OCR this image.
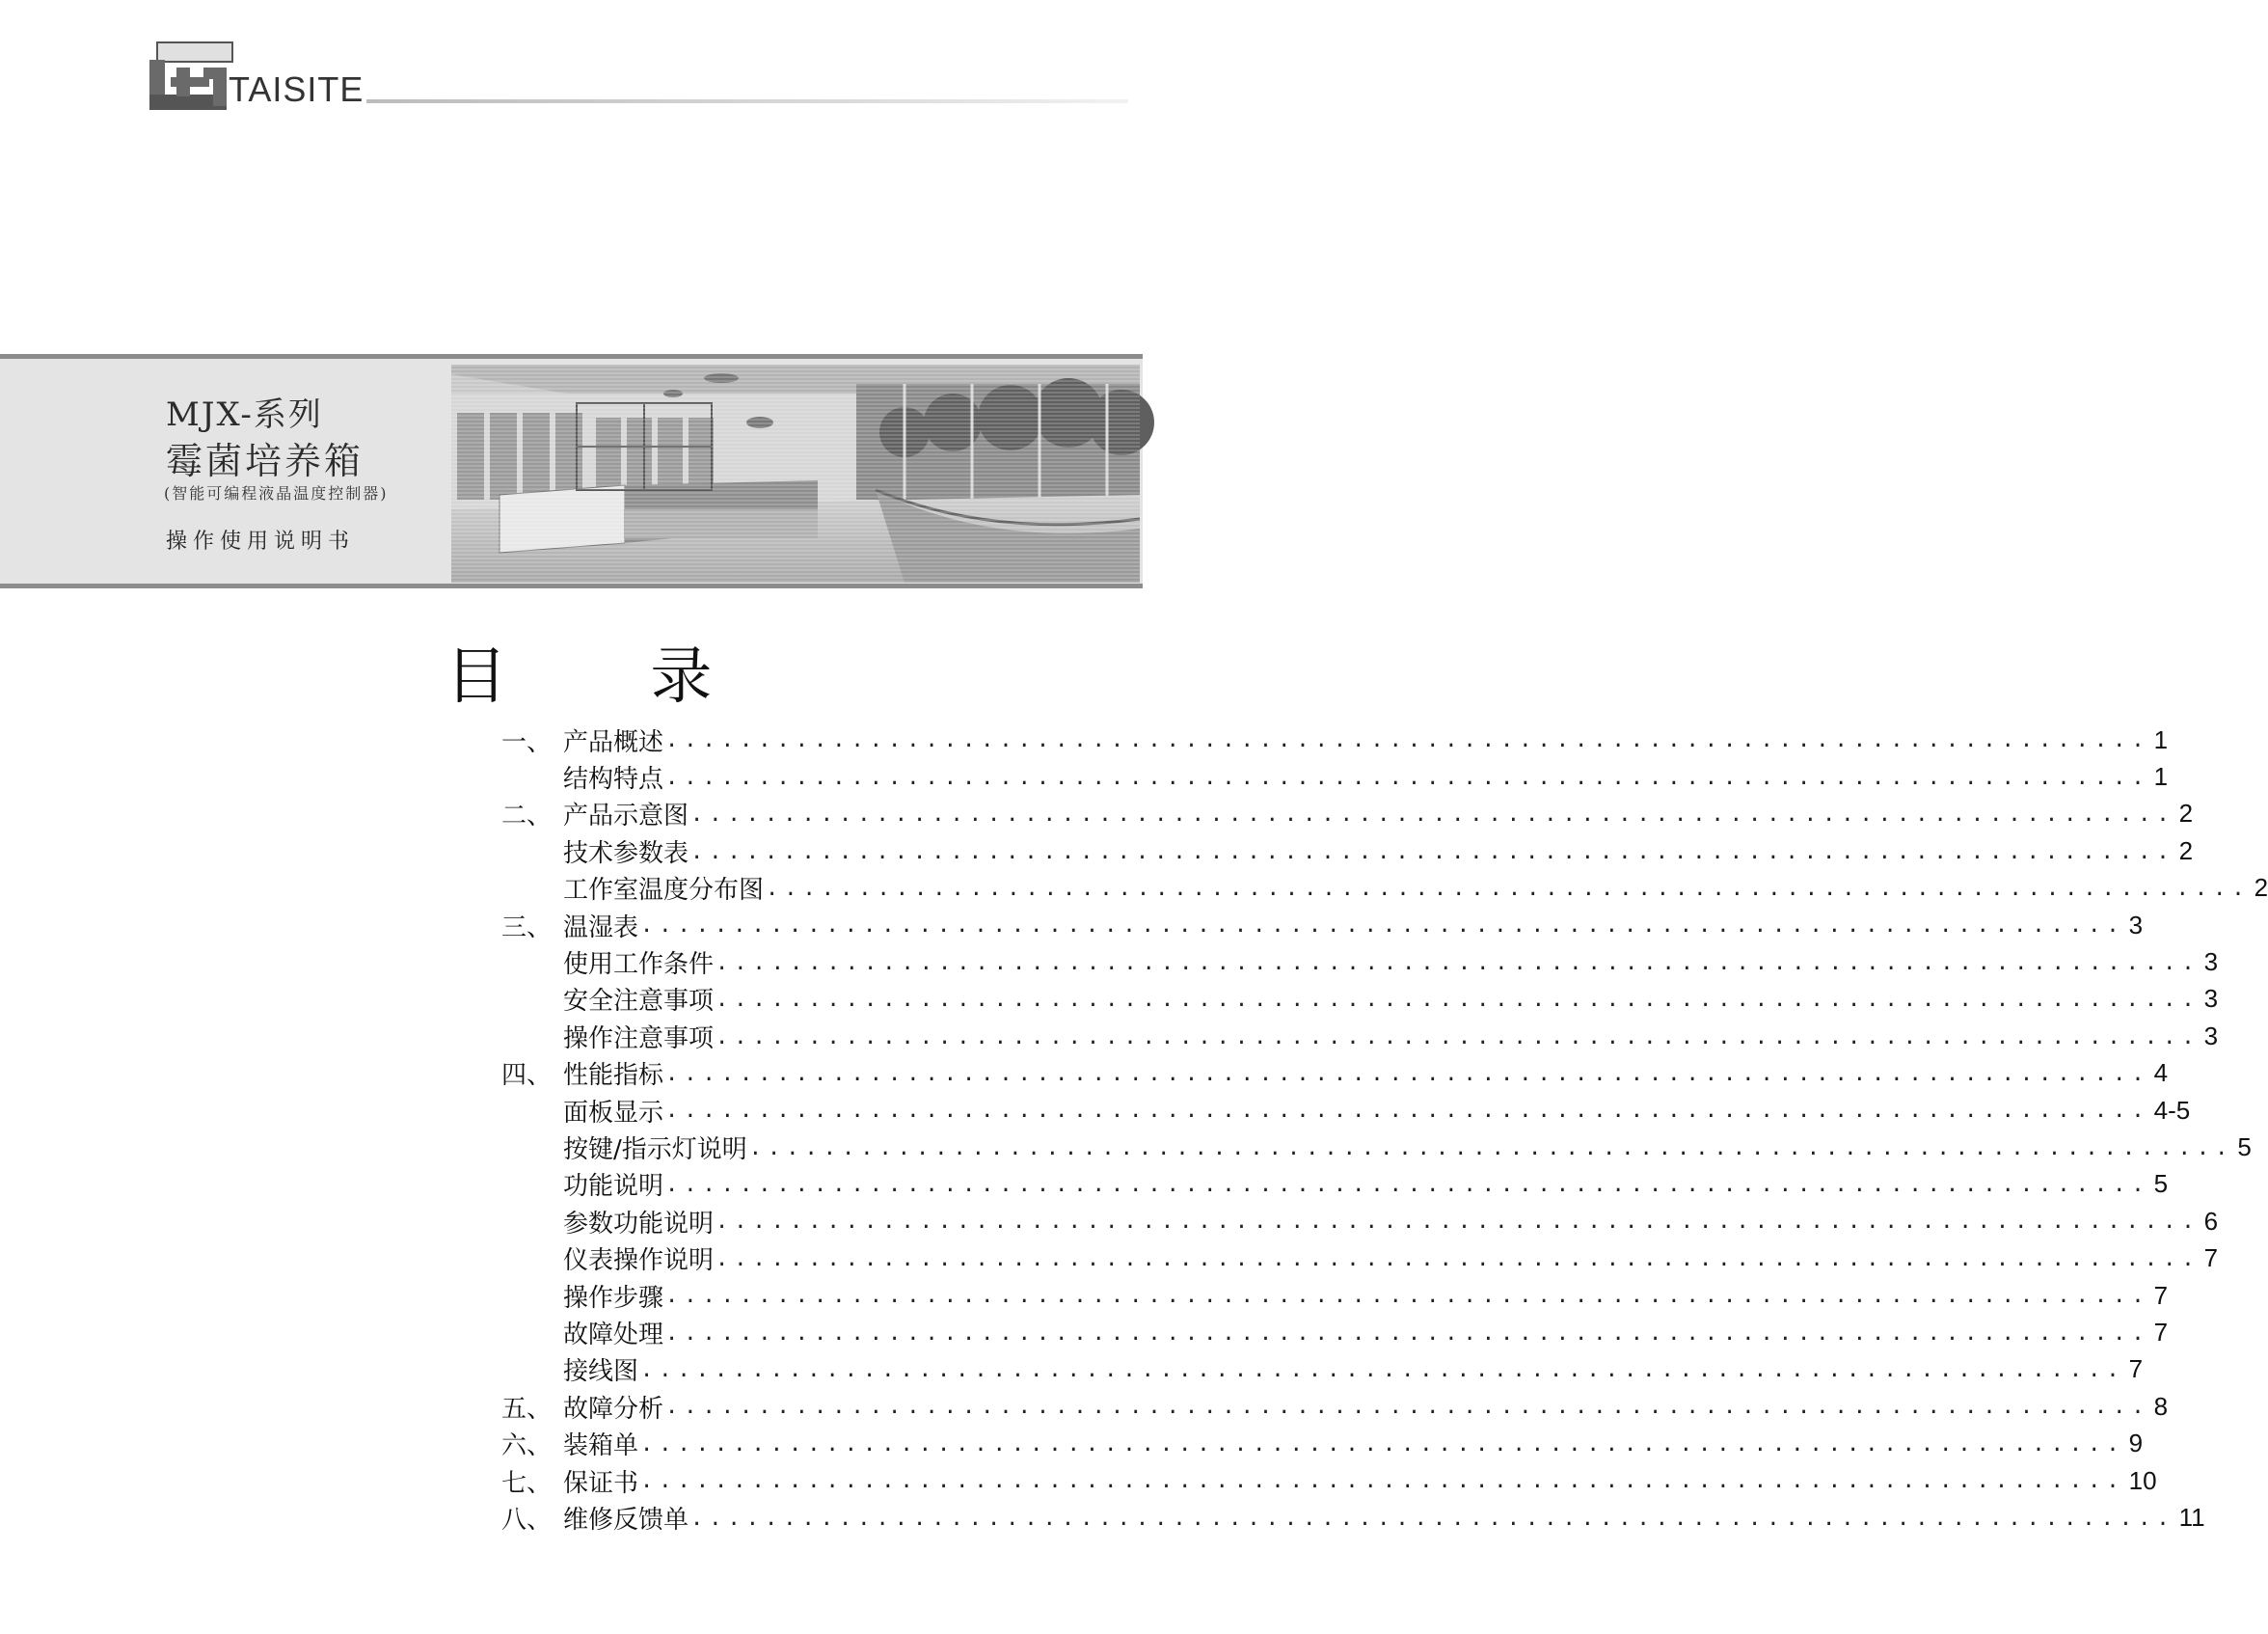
TAISITE
MJX-系列
霉菌培养箱
(智能可编程液晶温度控制器)
操作使用说明书
目 录
一、 产品概述 ................................................................................ 1
结构特点 ................................................................................ 1
二、 产品示意图 ................................................................................ 2
技术参数表 ................................................................................ 2
工作室温度分布图 ................................................................................ 2
三、 温湿表 ................................................................................ 3
使用工作条件 ................................................................................ 3
安全注意事项 ................................................................................ 3
操作注意事项 ................................................................................ 3
四、 性能指标 ................................................................................ 4
面板显示 ................................................................................ 4-5
按键/指示灯说明 ................................................................................ 5
功能说明 ................................................................................ 5
参数功能说明 ................................................................................ 6
仪表操作说明 ................................................................................ 7
操作步骤 ................................................................................ 7
故障处理 ................................................................................ 7
接线图 ................................................................................ 7
五、 故障分析 ................................................................................ 8
六、 装箱单 ................................................................................ 9
七、 保证书 ................................................................................ 10
八、 维修反馈单 ................................................................................ 11
